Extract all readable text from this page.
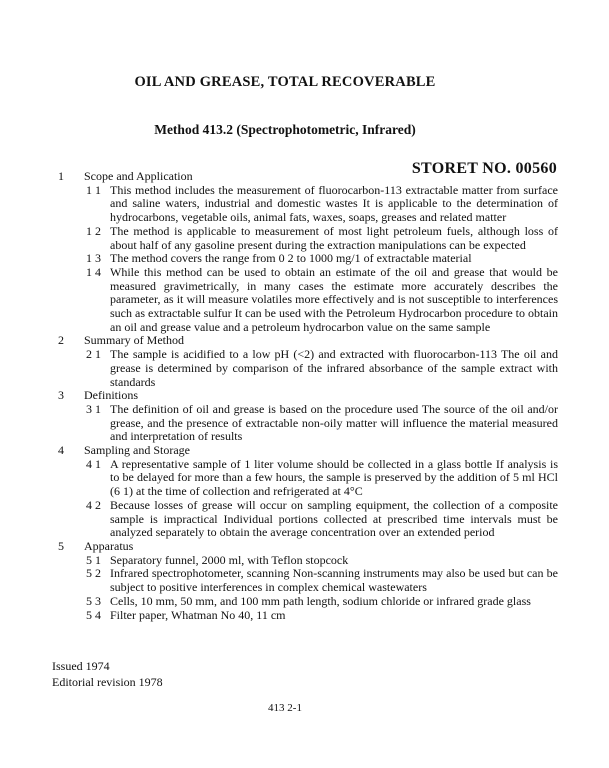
OIL AND GREASE, TOTAL RECOVERABLE
Method 413.2 (Spectrophotometric, Infrared)
STORET NO. 00560
1	Scope and Application
1 1 This method includes the measurement of fluorocarbon-113 extractable matter from surface and saline waters, industrial and domestic wastes It is applicable to the determination of hydrocarbons, vegetable oils, animal fats, waxes, soaps, greases and related matter
1 2 The method is applicable to measurement of most light petroleum fuels, although loss of about half of any gasoline present during the extraction manipulations can be expected
1 3 The method covers the range from 0 2 to 1000 mg/1 of extractable material
1 4 While this method can be used to obtain an estimate of the oil and grease that would be measured gravimetrically, in many cases the estimate more accurately describes the parameter, as it will measure volatiles more effectively and is not susceptible to interferences such as extractable sulfur It can be used with the Petroleum Hydrocarbon procedure to obtain an oil and grease value and a petroleum hydrocarbon value on the same sample
2	Summary of Method
2 1 The sample is acidified to a low pH (<2) and extracted with fluorocarbon-113 The oil and grease is determined by comparison of the infrared absorbance of the sample extract with standards
3	Definitions
3 1 The definition of oil and grease is based on the procedure used The source of the oil and/or grease, and the presence of extractable non-oily matter will influence the material measured and interpretation of results
4	Sampling and Storage
4 1 A representative sample of 1 liter volume should be collected in a glass bottle If analysis is to be delayed for more than a few hours, the sample is preserved by the addition of 5 ml HCl (6 1) at the time of collection and refrigerated at 4°C
4 2 Because losses of grease will occur on sampling equipment, the collection of a composite sample is impractical Individual portions collected at prescribed time intervals must be analyzed separately to obtain the average concentration over an extended period
5	Apparatus
5 1 Separatory funnel, 2000 ml, with Teflon stopcock
5 2 Infrared spectrophotometer, scanning Non-scanning instruments may also be used but can be subject to positive interferences in complex chemical wastewaters
5 3 Cells, 10 mm, 50 mm, and 100 mm path length, sodium chloride or infrared grade glass
5 4 Filter paper, Whatman No 40, 11 cm
Issued 1974
Editorial revision 1978
413 2-1
